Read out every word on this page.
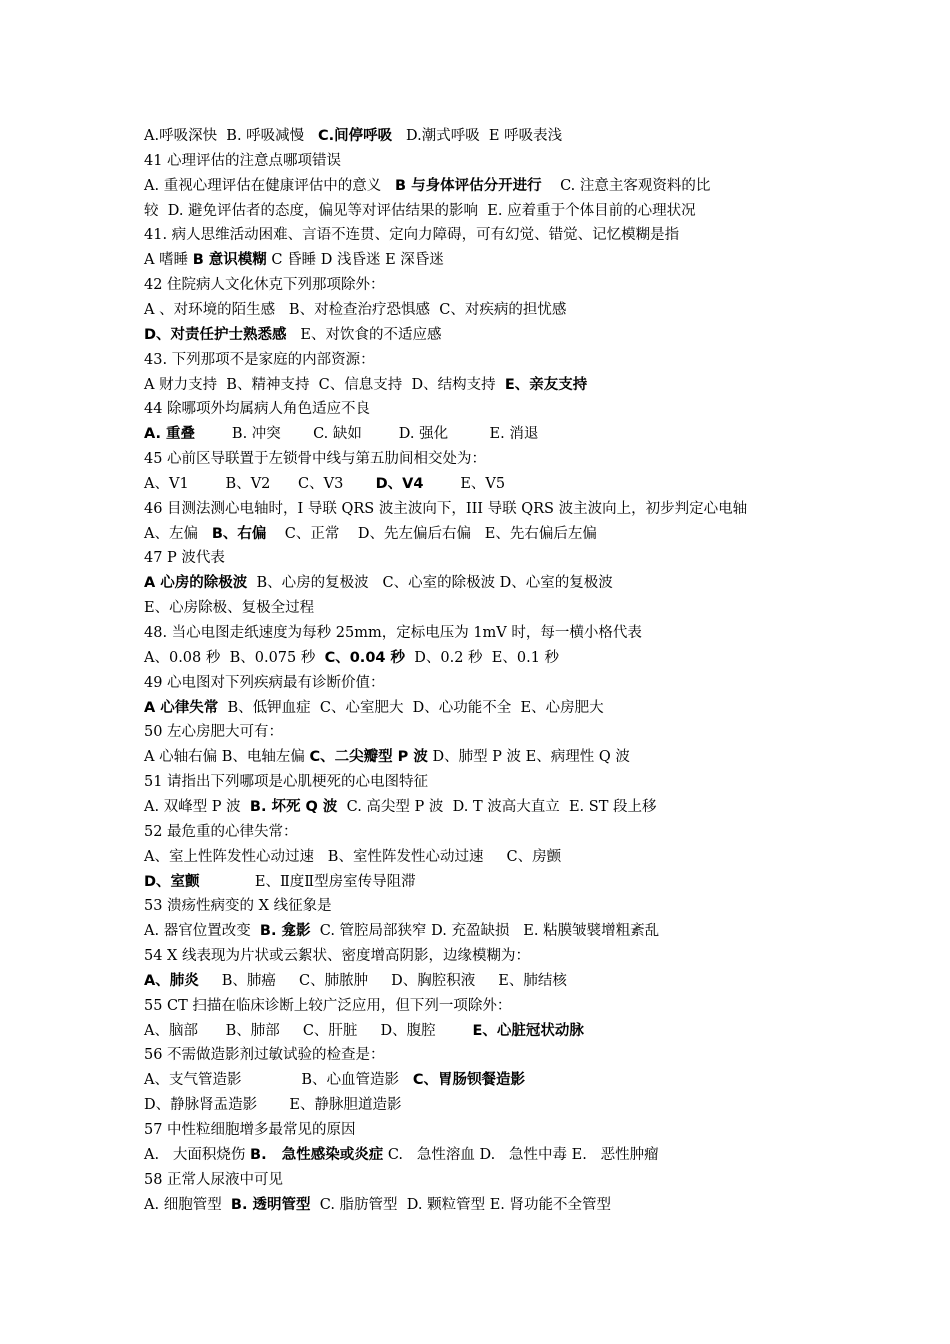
A.呼吸深快  B. 呼吸减慢   C.间停呼吸   D.潮式呼吸  E 呼吸表浅
41 心理评估的注意点哪项错误
A. 重视心理评估在健康评估中的意义   B 与身体评估分开进行    C. 注意主客观资料的比
较  D. 避免评估者的态度，偏见等对评估结果的影响  E. 应着重于个体目前的心理状况
41. 病人思维活动困难、言语不连贯、定向力障碍，可有幻觉、错觉、记忆模糊是指
A 嗜睡 B 意识模糊 C 昏睡 D 浅昏迷 E 深昏迷
42 住院病人文化休克下列那项除外：
A 、对环境的陌生感   B、对检查治疗恐惧感  C、对疾病的担忧感
D、对责任护士熟悉感   E、对饮食的不适应感
43. 下列那项不是家庭的内部资源：
A 财力支持  B、精神支持  C、信息支持  D、结构支持  E、亲友支持
44 除哪项外均属病人角色适应不良
A. 重叠        B. 冲突       C. 缺如        D. 强化         E. 消退
45 心前区导联置于左锁骨中线与第五肋间相交处为：
A、V1        B、V2      C、V3       D、V4        E、V5
46 目测法测心电轴时，I 导联 QRS 波主波向下，III 导联 QRS 波主波向上，初步判定心电轴
A、左偏   B、右偏    C、正常    D、先左偏后右偏   E、先右偏后左偏
47 P 波代表
A 心房的除极波  B、心房的复极波   C、心室的除极波 D、心室的复极波
E、心房除极、复极全过程
48. 当心电图走纸速度为每秒 25mm，定标电压为 1mV 时，每一横小格代表
A、0.08 秒  B、0.075 秒  C、0.04 秒  D、0.2 秒  E、0.1 秒
49 心电图对下列疾病最有诊断价值：
A 心律失常  B、低钾血症  C、心室肥大  D、心功能不全  E、心房肥大
50 左心房肥大可有：
A 心轴右偏 B、电轴左偏 C、二尖瓣型 P 波 D、肺型 P 波 E、病理性 Q 波
51 请指出下列哪项是心肌梗死的心电图特征
A. 双峰型 P 波  B. 坏死 Q 波  C. 高尖型 P 波  D. T 波高大直立  E. ST 段上移
52 最危重的心律失常：
A、室上性阵发性心动过速   B、室性阵发性心动过速     C、房颤
D、室颤            E、Ⅱ度Ⅱ型房室传导阻滞
53 溃疡性病变的 X 线征象是
A. 器官位置改变  B. 龛影  C. 管腔局部狭窄 D. 充盈缺损   E. 粘膜皱襞增粗紊乱
54 X 线表现为片状或云絮状、密度增高阴影，边缘模糊为：
A、肺炎     B、肺癌     C、肺脓肿     D、胸腔积液     E、肺结核
55 CT 扫描在临床诊断上较广泛应用，但下列一项除外：
A、脑部      B、肺部     C、肝脏     D、腹腔        E、心脏冠状动脉
56 不需做造影剂过敏试验的检查是：
A、支气管造影             B、心血管造影   C、胃肠钡餐造影
D、静脉肾盂造影       E、静脉胆道造影
57 中性粒细胞增多最常见的原因
A.   大面积烧伤 B.   急性感染或炎症 C.   急性溶血 D.   急性中毒 E.   恶性肿瘤
58 正常人尿液中可见
A. 细胞管型  B. 透明管型  C. 脂肪管型  D. 颗粒管型 E. 肾功能不全管型
